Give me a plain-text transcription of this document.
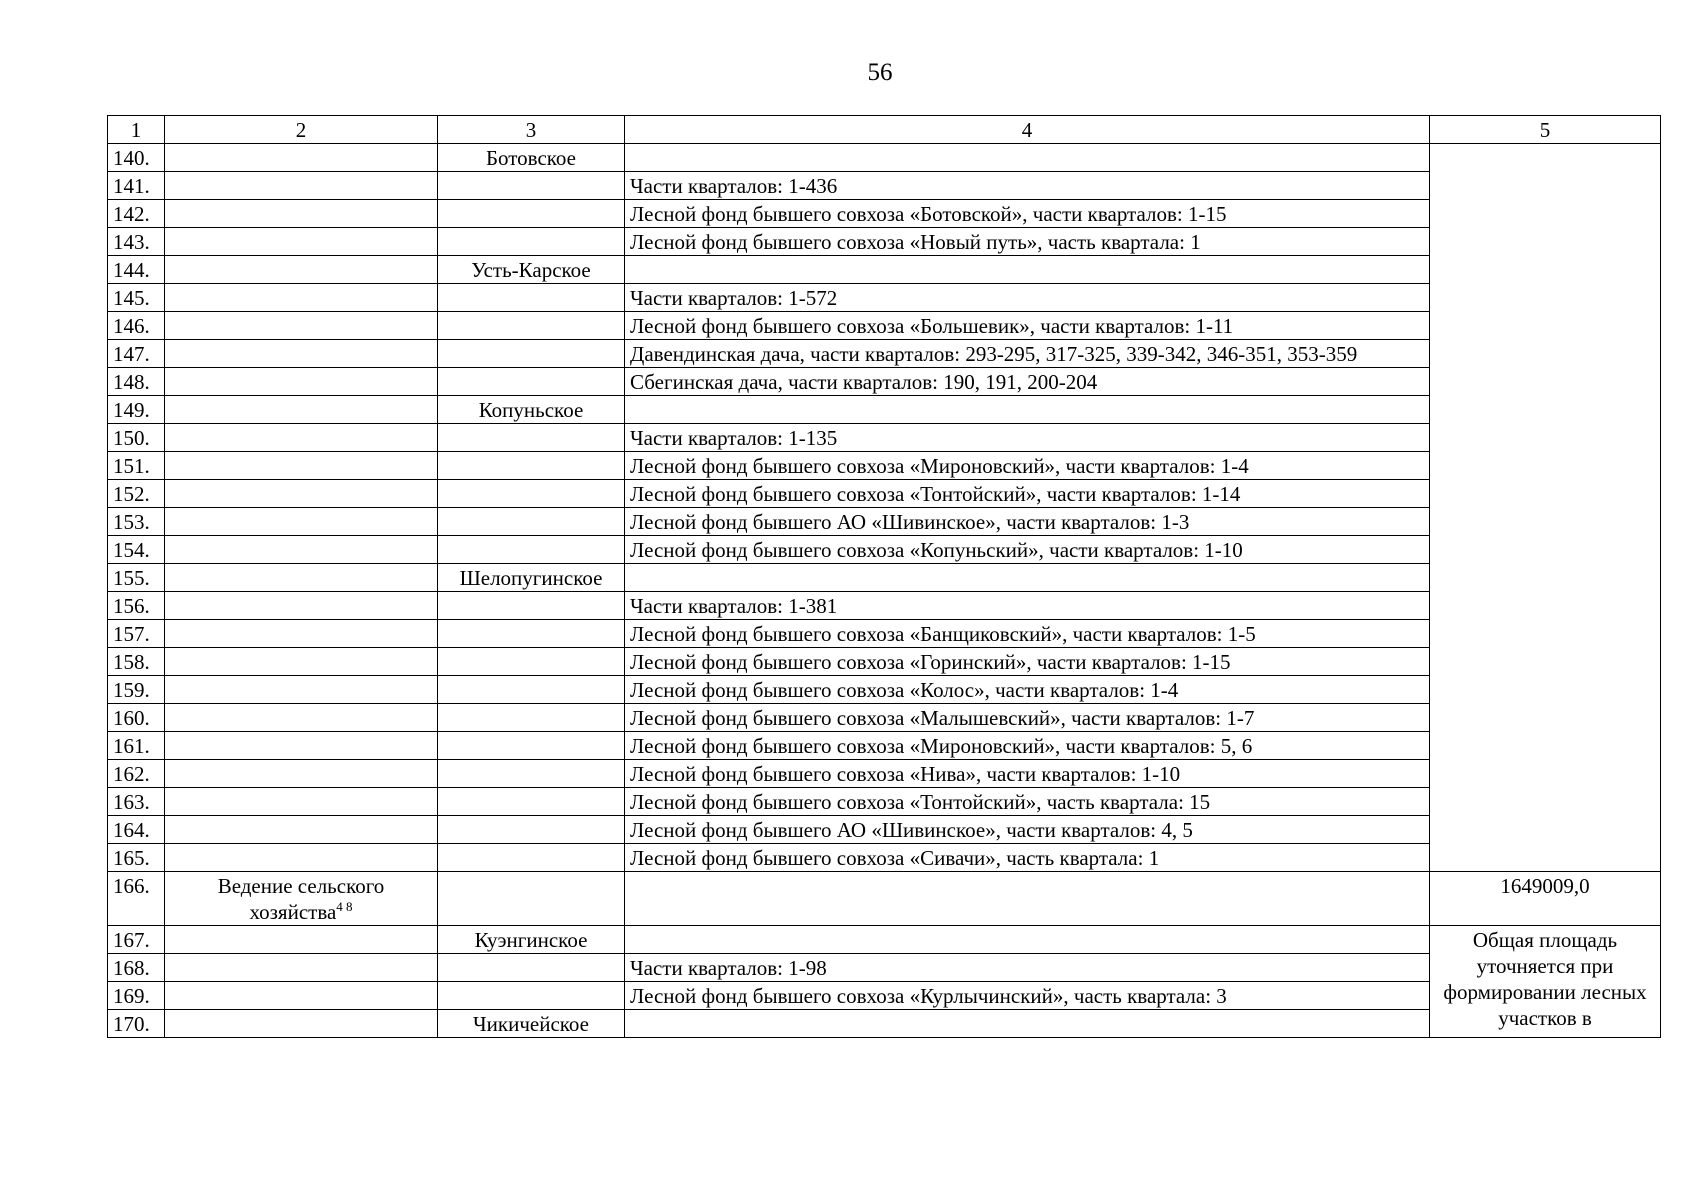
56
1	2	3	4	5
140.		Ботовское		
141.			Части кварталов: 1-436	
142.			Лесной фонд бывшего совхоза «Ботовской», части кварталов: 1-15	
143.			Лесной фонд бывшего совхоза «Новый путь», часть квартала: 1	
144.		Усть-Карское		
145.			Части кварталов: 1-572	
146.			Лесной фонд бывшего совхоза «Большевик», части кварталов: 1-11	
147.			Давендинская дача, части кварталов: 293-295, 317-325, 339-342, 346-351, 353-359	
148.			Сбегинская дача, части кварталов: 190, 191, 200-204	
149.		Копуньское		
150.			Части кварталов: 1-135	
151.			Лесной фонд бывшего совхоза «Мироновский», части кварталов: 1-4	
152.			Лесной фонд бывшего совхоза «Тонтойский», части кварталов: 1-14	
153.			Лесной фонд бывшего АО «Шивинское», части кварталов: 1-3	
154.			Лесной фонд бывшего совхоза «Копуньский», части кварталов: 1-10	
155.		Шелопугинское		
156.			Части кварталов: 1-381	
157.			Лесной фонд бывшего совхоза «Банщиковский», части кварталов: 1-5	
158.			Лесной фонд бывшего совхоза «Горинский», части кварталов: 1-15	
159.			Лесной фонд бывшего совхоза «Колос», части кварталов: 1-4	
160.			Лесной фонд бывшего совхоза «Малышевский», части кварталов: 1-7	
161.			Лесной фонд бывшего совхоза «Мироновский», части кварталов: 5, 6	
162.			Лесной фонд бывшего совхоза «Нива», части кварталов: 1-10	
163.			Лесной фонд бывшего совхоза «Тонтойский», часть квартала: 15	
164.			Лесной фонд бывшего АО «Шивинское», части кварталов: 4, 5	
165.			Лесной фонд бывшего совхоза «Сивачи», часть квартала: 1	
166.	Ведение сельского хозяйства$^{4 8}$			1649009,0
167.		Куэнгинское		Общая площадь уточняется при формировании лесных участков в
168.			Части кварталов: 1-98	
169.			Лесной фонд бывшего совхоза «Курлычинский», часть квартала: 3	
170.		Чикичейское		
